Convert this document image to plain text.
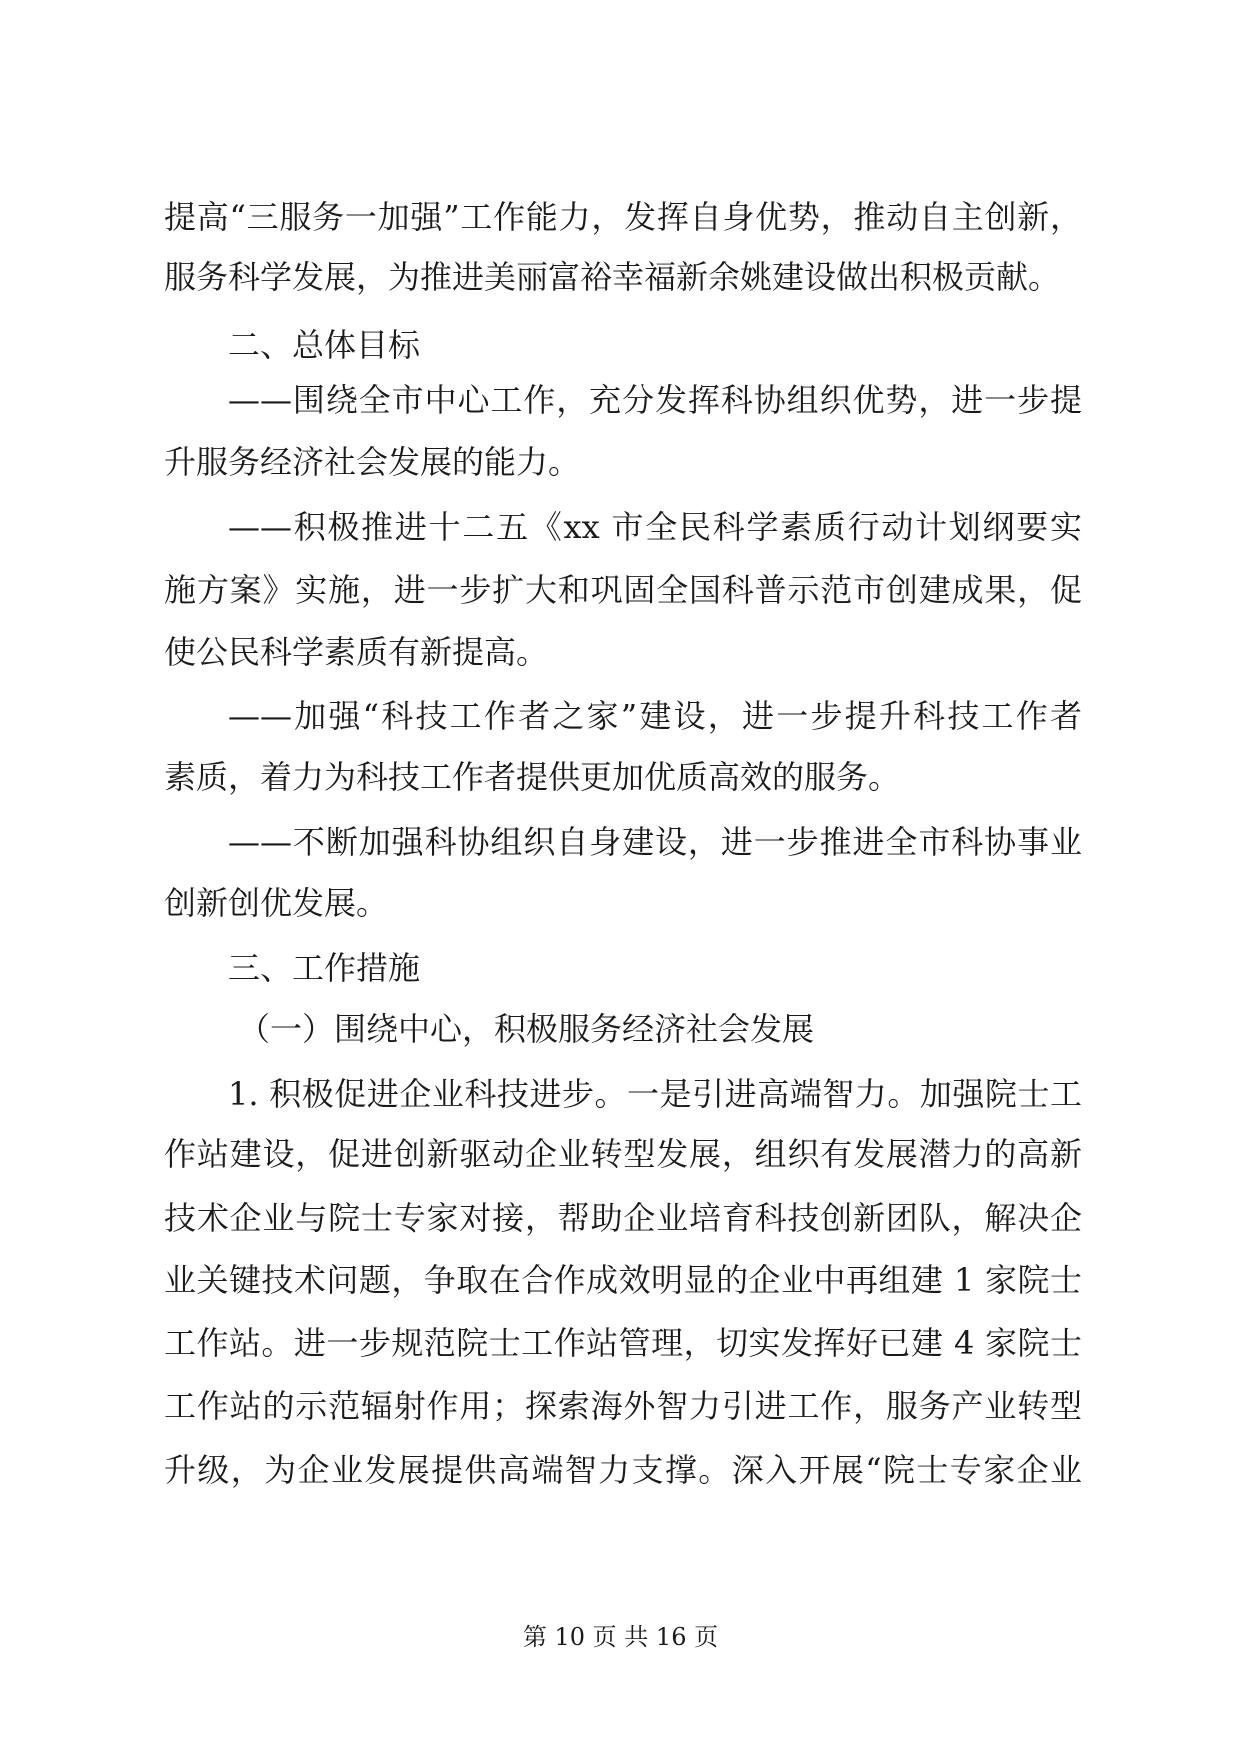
提高“三服务一加强”工作能力，发挥自身优势，推动自主创新，
服务科学发展，为推进美丽富裕幸福新余姚建设做出积极贡献。
二、总体目标
——围绕全市中心工作，充分发挥科协组织优势，进一步提
升服务经济社会发展的能力。
——积极推进十二五《xx 市全民科学素质行动计划纲要实
施方案》实施，进一步扩大和巩固全国科普示范市创建成果，促
使公民科学素质有新提高。
——加强“科技工作者之家”建设，进一步提升科技工作者
素质，着力为科技工作者提供更加优质高效的服务。
——不断加强科协组织自身建设，进一步推进全市科协事业
创新创优发展。
三、工作措施
（一）围绕中心，积极服务经济社会发展
1. 积极促进企业科技进步。一是引进高端智力。加强院士工
作站建设，促进创新驱动企业转型发展，组织有发展潜力的高新
技术企业与院士专家对接，帮助企业培育科技创新团队，解决企
业关键技术问题，争取在合作成效明显的企业中再组建 1 家院士
工作站。进一步规范院士工作站管理，切实发挥好已建 4 家院士
工作站的示范辐射作用；探索海外智力引进工作，服务产业转型
升级，为企业发展提供高端智力支撑。深入开展“院士专家企业
第 10 页 共 16 页
